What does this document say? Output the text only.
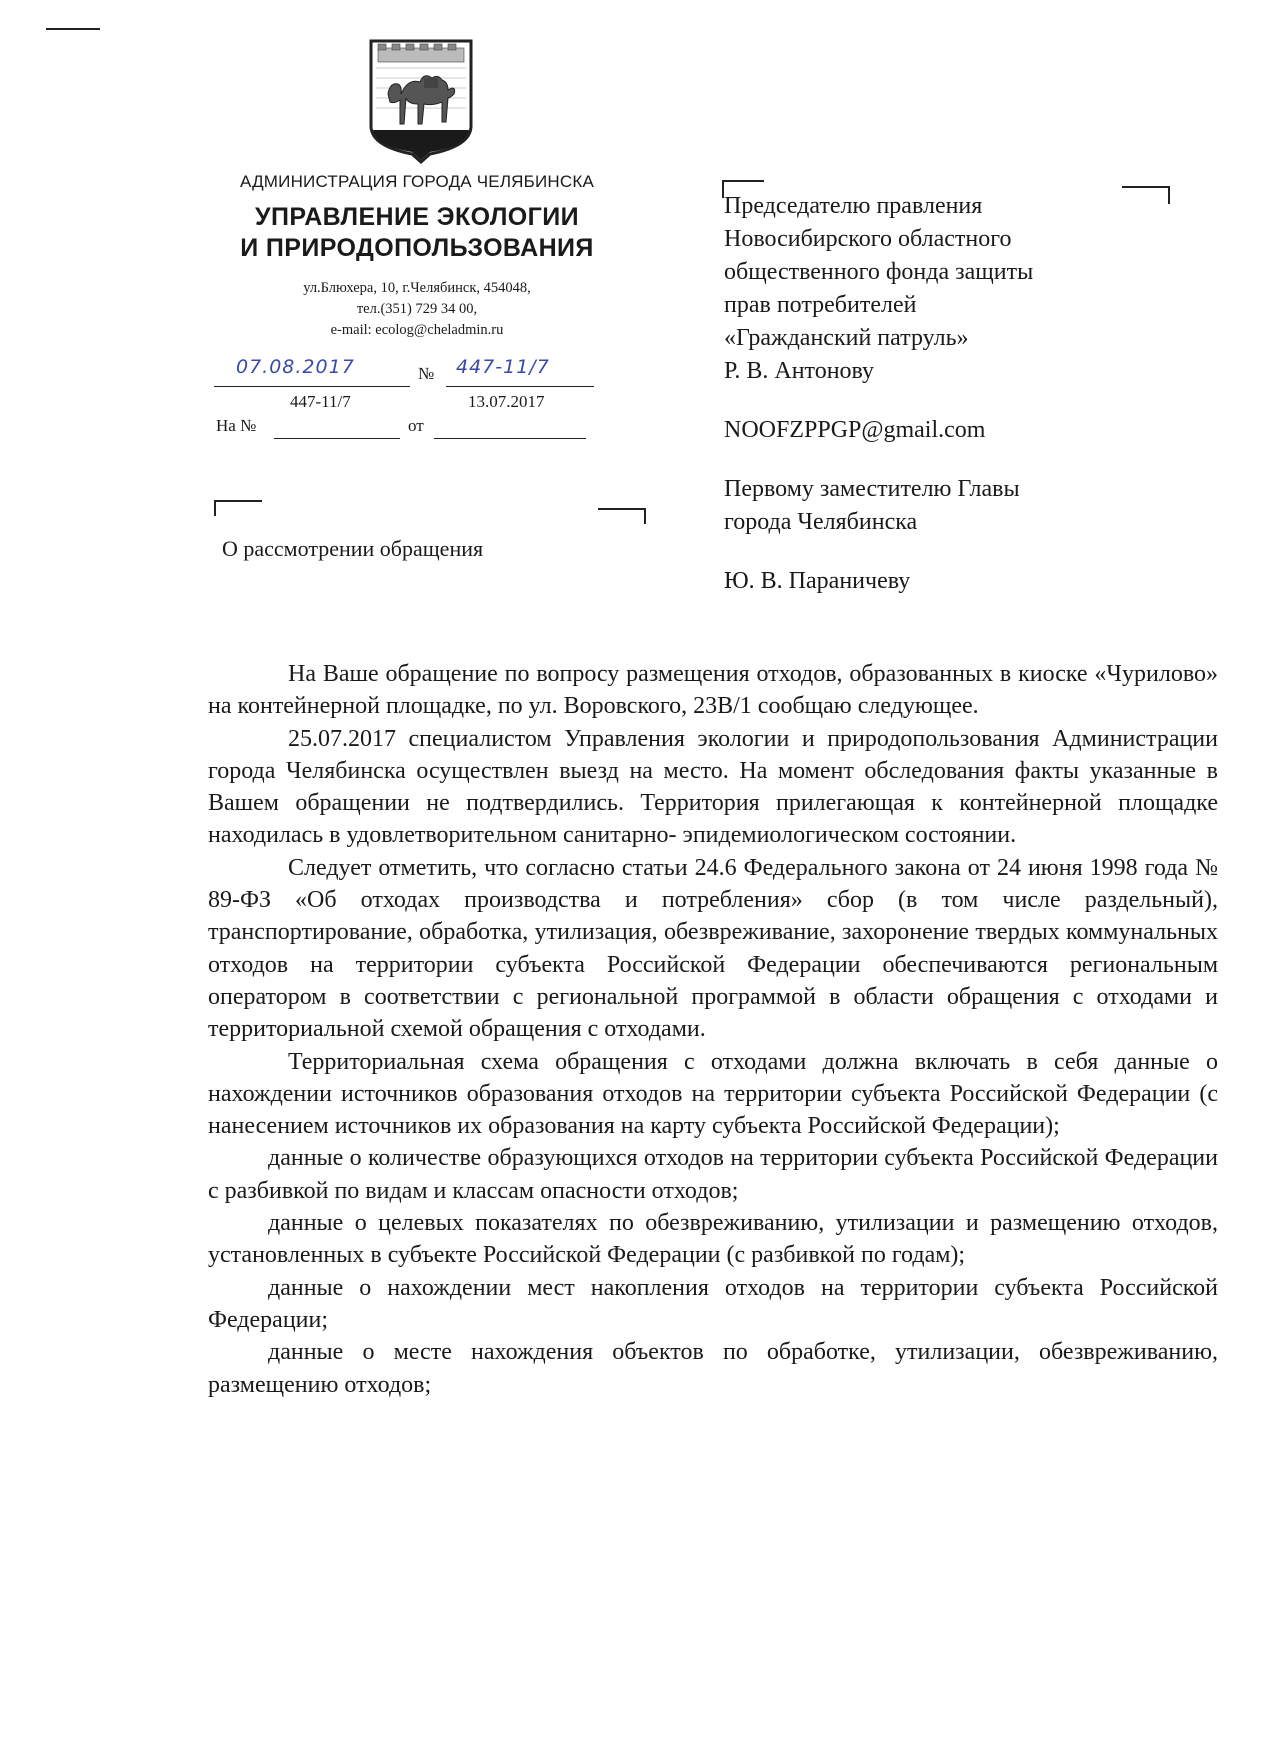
АДМИНИСТРАЦИЯ ГОРОДА ЧЕЛЯБИНСКА
УПРАВЛЕНИЕ ЭКОЛОГИИ
И ПРИРОДОПОЛЬЗОВАНИЯ
ул.Блюхера, 10, г.Челябинск, 454048,
тел.(351) 729 34 00,
e-mail: ecolog@cheladmin.ru
07.08.2017	№ 447-11/7
447-11/7	13.07.2017
На №	от
О рассмотрении обращения
Председателю правления
Новосибирского областного
общественного фонда защиты
прав потребителей
«Гражданский патруль»
Р. В. Антонову
NOOFZPPGP@gmail.com
Первому заместителю Главы
города Челябинска
Ю. В. Параничеву

На Ваше обращение по вопросу размещения отходов, образованных в киоске «Чурилово» на контейнерной площадке, по ул. Воровского, 23В/1 сообщаю следующее.

25.07.2017 специалистом Управления экологии и природопользования Администрации города Челябинска осуществлен выезд на место. На момент обследования факты указанные в Вашем обращении не подтвердились. Территория прилегающая к контейнерной площадке находилась в удовлетворительном санитарно- эпидемиологическом состоянии.

Следует отметить, что согласно статьи 24.6 Федерального закона от 24 июня 1998 года № 89-ФЗ «Об отходах производства и потребления» сбор (в том числе раздельный), транспортирование, обработка, утилизация, обезвреживание, захоронение твердых коммунальных отходов на территории субъекта Российской Федерации обеспечиваются региональным оператором в соответствии с региональной программой в области обращения с отходами и территориальной схемой обращения с отходами.

Территориальная схема обращения с отходами должна включать в себя данные о нахождении источников образования отходов на территории субъекта Российской Федерации (с нанесением источников их образования на карту субъекта Российской Федерации);

данные о количестве образующихся отходов на территории субъекта Российской Федерации с разбивкой по видам и классам опасности отходов;

данные о целевых показателях по обезвреживанию, утилизации и размещению отходов, установленных в субъекте Российской Федерации (с разбивкой по годам);

данные о нахождении мест накопления отходов на территории субъекта Российской Федерации;

данные о месте нахождения объектов по обработке, утилизации, обезвреживанию, размещению отходов;
